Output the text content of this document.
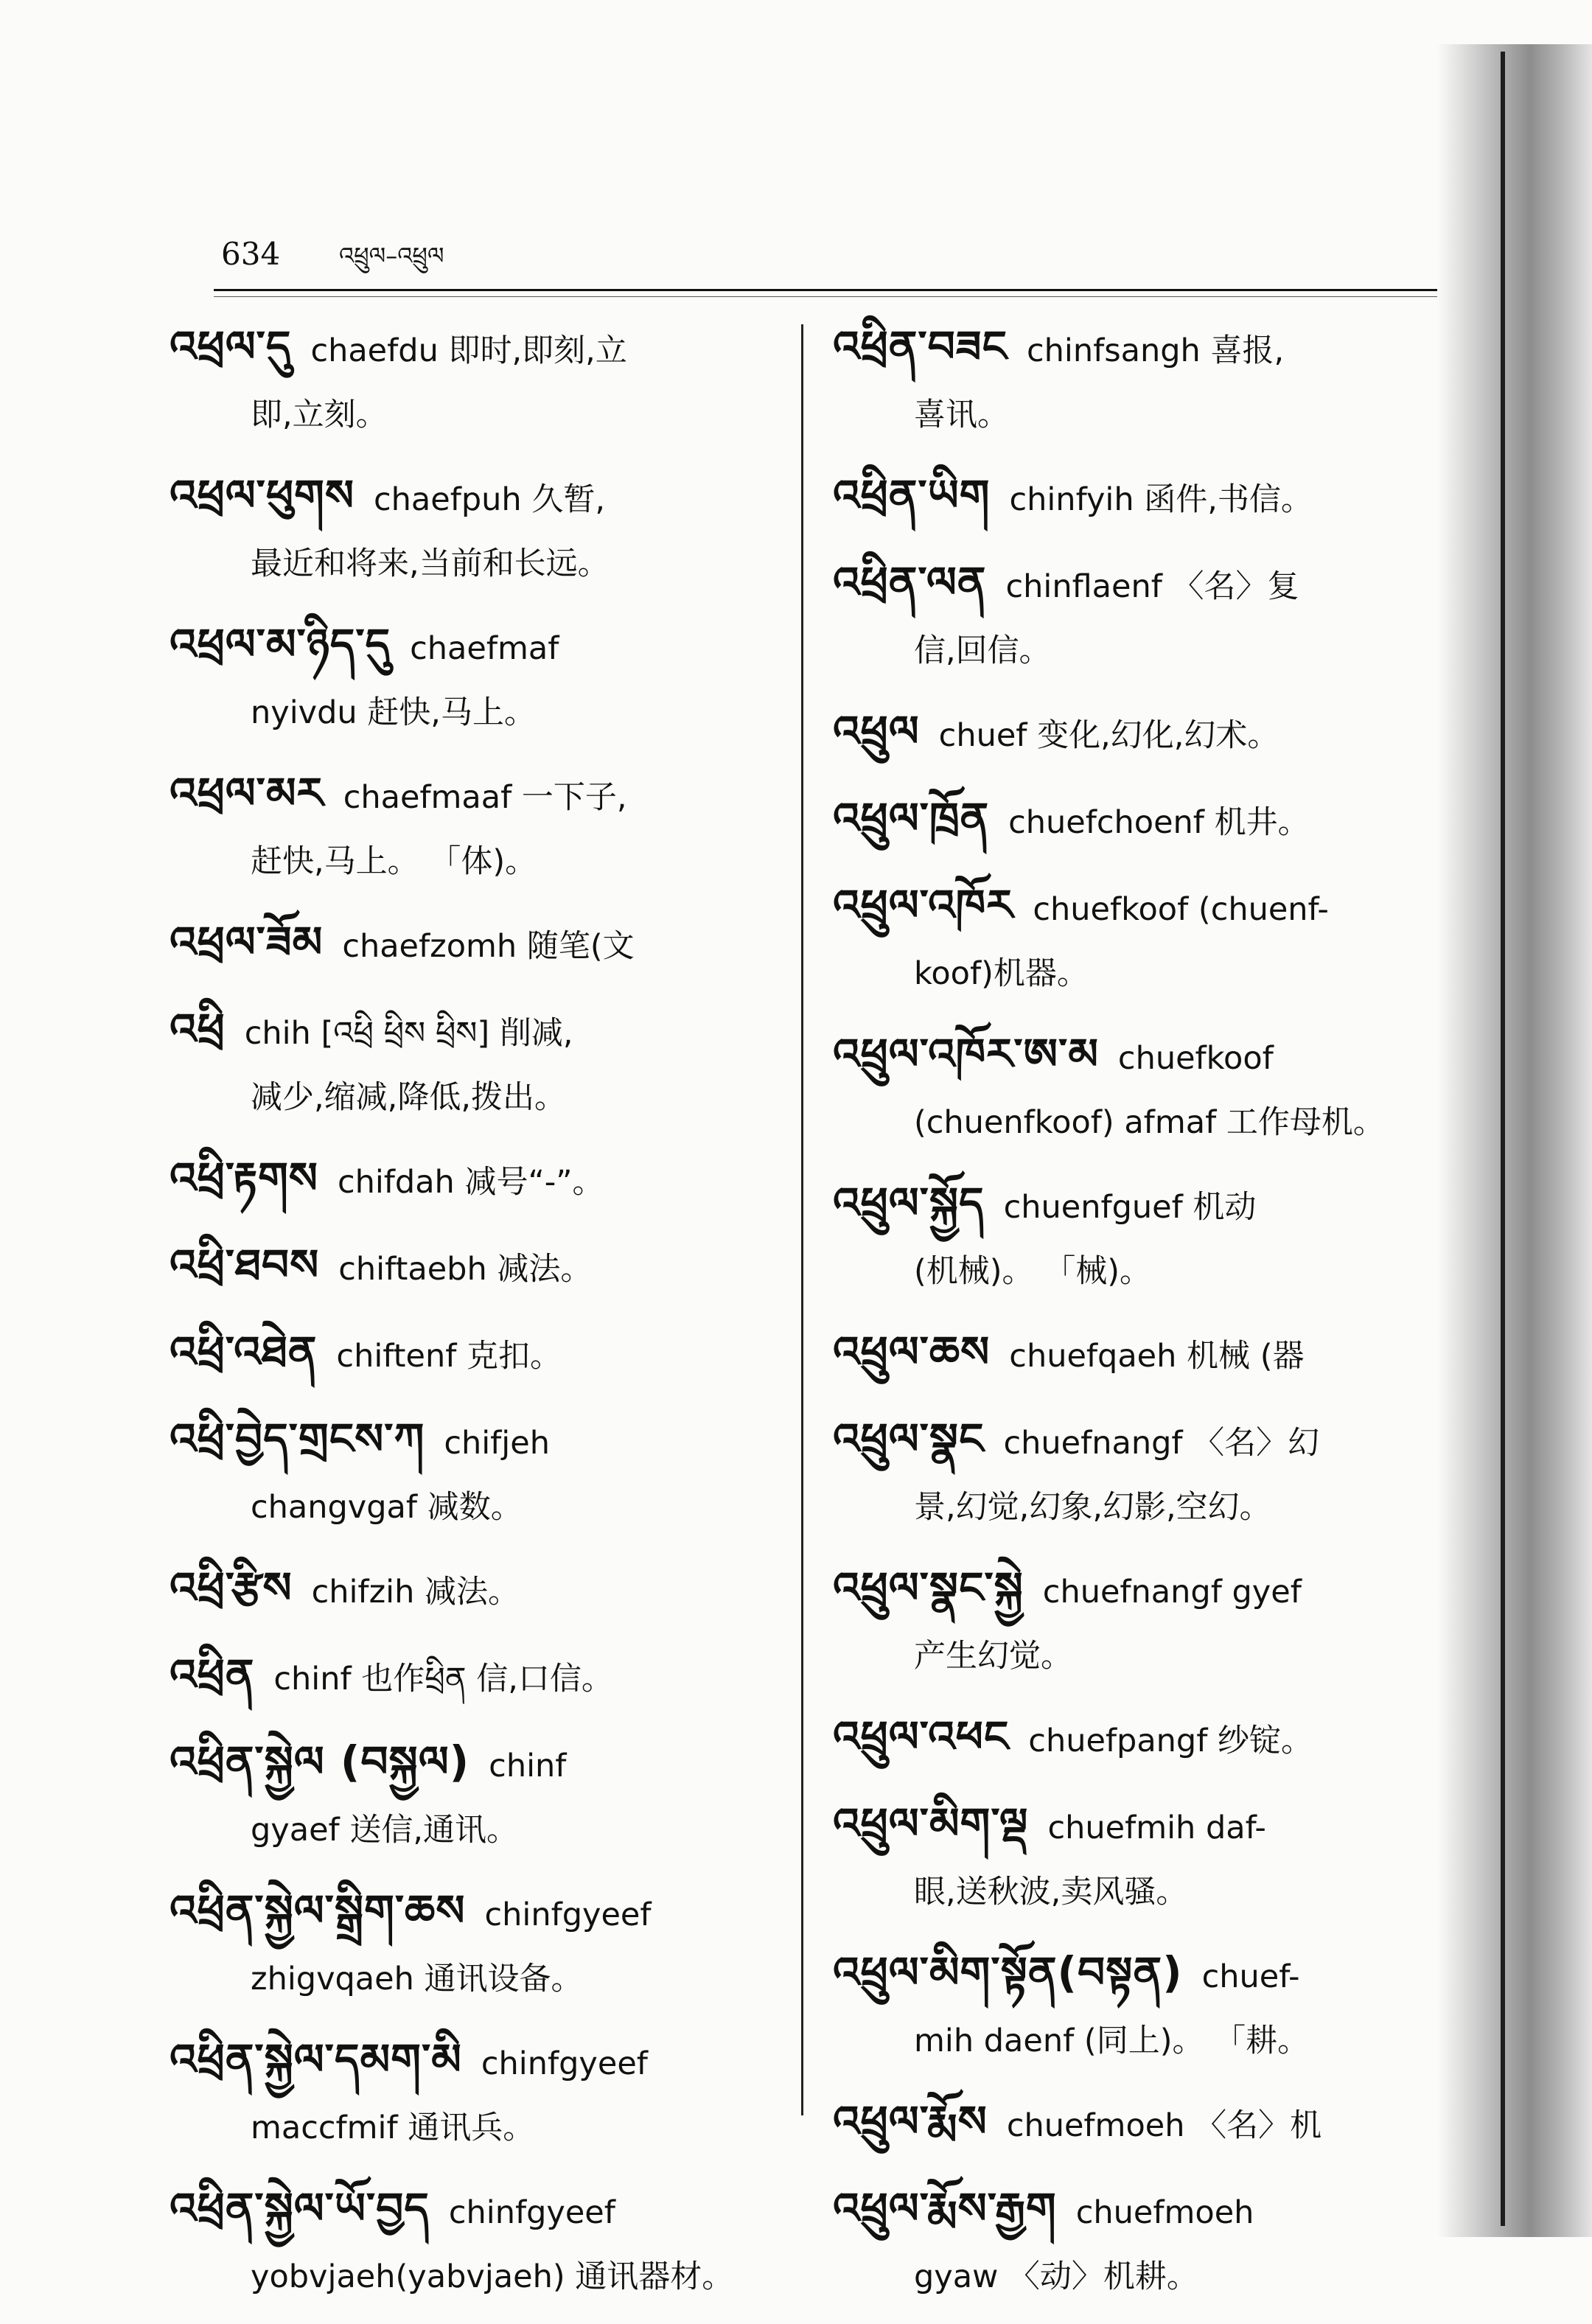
634 འཕྲུལ–འཕྲུལ
འཕྲལ་དུ chaefdu 即时,即刻,立
即,立刻。
འཕྲལ་ཕུགས chaefpuh 久暂,
最近和将来,当前和长远。
འཕྲལ་མ་ཉིད་དུ chaefmaf
nyivdu 赶快,马上。
འཕྲལ་མར chaefmaaf 一下子,
赶快,马上。 「体)。
འཕྲལ་ཟོམ chaefzomh 随笔(文
འཕྲི chih [འཕྲི ཕྲིས ཕྲིས] 削减,
减少,缩减,降低,拨出。
འཕྲི་རྟགས chifdah 减号“-”。
འཕྲི་ཐབས chiftaebh 减法。
འཕྲི་འཐེན chiftenf 克扣。
འཕྲི་བྱེད་གྲངས་ཀ chifjeh
changvgaf 减数。
འཕྲི་རྩིས chifzih 减法。
འཕྲིན chinf 也作ཕྲིན 信,口信。
འཕྲིན་སྐྱེལ (བསྐྱལ) chinf
gyaef 送信,通讯。
འཕྲིན་སྐྱེལ་སྒྲིག་ཆས chinfgyeef
zhigvqaeh 通讯设备。
འཕྲིན་སྐྱེལ་དམག་མི chinfgyeef
maccfmif 通讯兵。
འཕྲིན་སྐྱེལ་ཡོ་བྱད chinfgyeef
yobvjaeh(yabvjaeh) 通讯器材。
འཕྲིན་བཟང chinfsangh 喜报,
喜讯。
འཕྲིན་ཡིག chinfyih 函件,书信。
འཕྲིན་ལན chinflaenf 〈名〉复
信,回信。
འཕྲུལ chuef 变化,幻化,幻术。
འཕྲུལ་ཁྲོན chuefchoenf 机井。
འཕྲུལ་འཁོར chuefkoof (chuenf-
koof)机器。
འཕྲུལ་འཁོར་ཨ་མ chuefkoof
(chuenfkoof) afmaf 工作母机。
འཕྲུལ་སྐྱོད chuenfguef 机动
(机械)。 「械)。
འཕྲུལ་ཆས chuefqaeh 机械 (器
འཕྲུལ་སྣང chuefnangf 〈名〉幻
景,幻觉,幻象,幻影,空幻。
འཕྲུལ་སྣང་སྐྱེ chuefnangf gyef
产生幻觉。
འཕྲུལ་འཕང chuefpangf 纱锭。
འཕྲུལ་མིག་ལྡ chuefmih daf-
眼,送秋波,卖风骚。
འཕྲུལ་མིག་སྟོན(བསྟན) chuef-
mih daenf (同上)。 「耕。
འཕྲུལ་རྨོས chuefmoeh 〈名〉机
འཕྲུལ་རྨོས་རྒྱག chuefmoeh
gyaw 〈动〉机耕。
